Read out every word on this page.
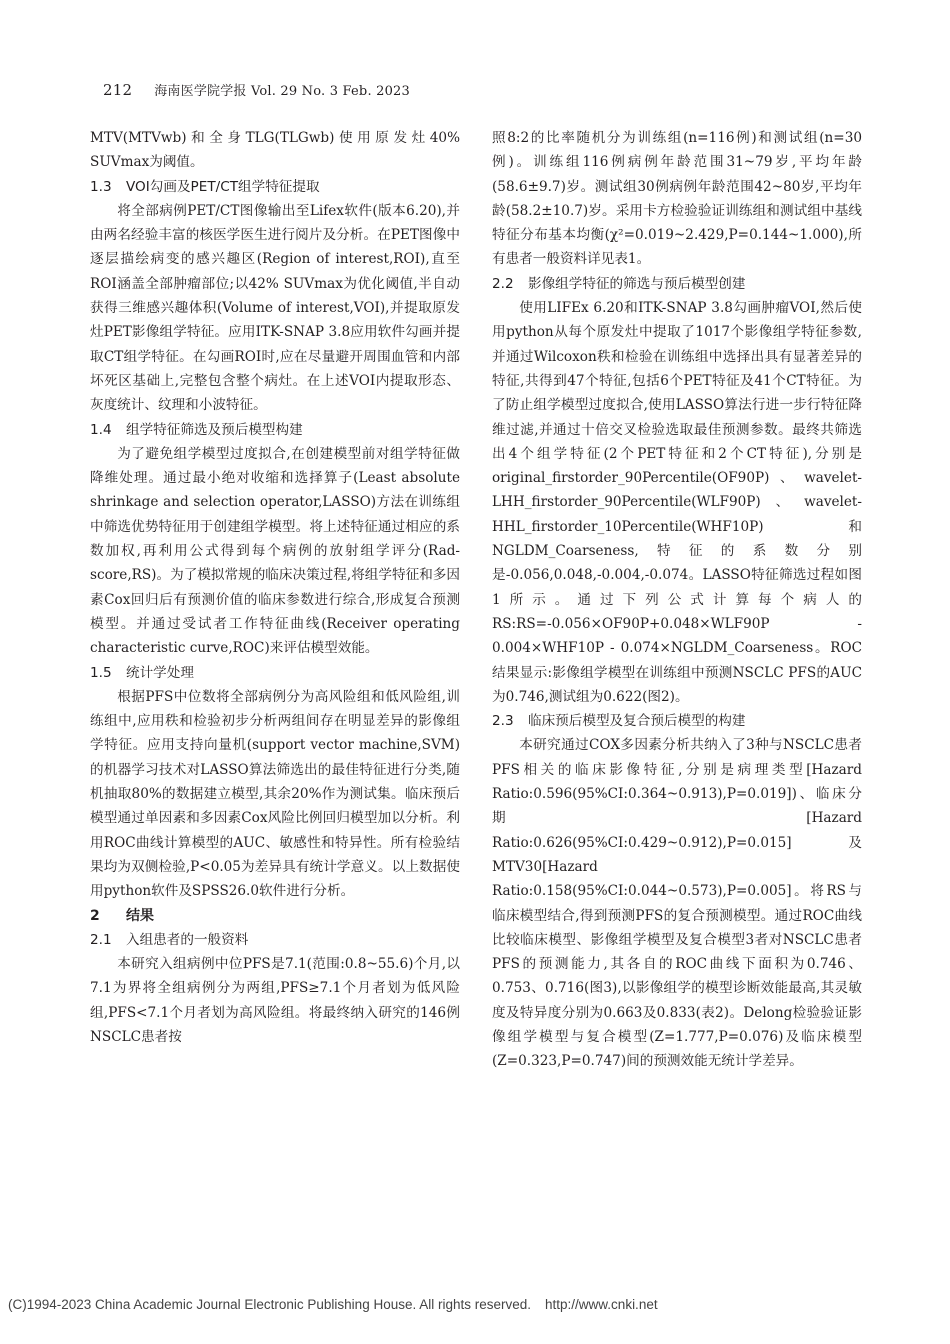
212 海南医学院学报 Vol. 29 No. 3 Feb. 2023

MTV(MTVwb)和全身TLG(TLGwb)使用原发灶40% SUVmax为阈值。

1.3 VOI勾画及PET/CT组学特征提取

将全部病例PET/CT图像输出至Lifex软件(版本6.20),并由两名经验丰富的核医学医生进行阅片及分析。在PET图像中逐层描绘病变的感兴趣区(Region of interest,ROI),直至ROI涵盖全部肿瘤部位;以42% SUVmax为优化阈值,半自动获得三维感兴趣体积(Volume of interest,VOI),并提取原发灶PET影像组学特征。应用ITK-SNAP 3.8应用软件勾画并提取CT组学特征。在勾画ROI时,应在尽量避开周围血管和内部坏死区基础上,完整包含整个病灶。在上述VOI内提取形态、灰度统计、纹理和小波特征。

1.4 组学特征筛选及预后模型构建

为了避免组学模型过度拟合,在创建模型前对组学特征做降维处理。通过最小绝对收缩和选择算子(Least absolute shrinkage and selection operator,LASSO)方法在训练组中筛选优势特征用于创建组学模型。将上述特征通过相应的系数加权,再利用公式得到每个病例的放射组学评分(Rad-score,RS)。为了模拟常规的临床决策过程,将组学特征和多因素Cox回归后有预测价值的临床参数进行综合,形成复合预测模型。并通过受试者工作特征曲线(Receiver operating characteristic curve,ROC)来评估模型效能。

1.5 统计学处理

根据PFS中位数将全部病例分为高风险组和低风险组,训练组中,应用秩和检验初步分析两组间存在明显差异的影像组学特征。应用支持向量机(support vector machine,SVM)的机器学习技术对LASSO算法筛选出的最佳特征进行分类,随机抽取80%的数据建立模型,其余20%作为测试集。临床预后模型通过单因素和多因素Cox风险比例回归模型加以分析。利用ROC曲线计算模型的AUC、敏感性和特异性。所有检验结果均为双侧检验,P<0.05为差异具有统计学意义。以上数据使用python软件及SPSS26.0软件进行分析。

2 结果
2.1 入组患者的一般资料

本研究入组病例中位PFS是7.1(范围:0.8~55.6)个月,以7.1为界将全组病例分为两组,PFS≥7.1个月者划为低风险组,PFS<7.1个月者划为高风险组。将最终纳入研究的146例NSCLC患者按

照8:2的比率随机分为训练组(n=116例)和测试组(n=30例)。训练组116例病例年龄范围31~79岁,平均年龄(58.6±9.7)岁。测试组30例病例年龄范围42~80岁,平均年龄(58.2±10.7)岁。采用卡方检验验证训练组和测试组中基线特征分布基本均衡(χ²=0.019~2.429,P=0.144~1.000),所有患者一般资料详见表1。

2.2 影像组学特征的筛选与预后模型创建

使用LIFEx 6.20和ITK-SNAP 3.8勾画肿瘤VOI,然后使用python从每个原发灶中提取了1017个影像组学特征参数,并通过Wilcoxon秩和检验在训练组中选择出具有显著差异的特征,共得到47个特征,包括6个PET特征及41个CT特征。为了防止组学模型过度拟合,使用LASSO算法行进一步行特征降维过滤,并通过十倍交叉检验选取最佳预测参数。最终共筛选出4个组学特征(2个PET特征和2个CT特征),分别是original_firstorder_90Percentile(OF90P)、wavelet-LHH_firstorder_90Percentile(WLF90P)、wavelet-HHL_firstorder_10Percentile(WHF10P)和NGLDM_Coarseness,特征的系数分别是-0.056,0.048,-0.004,-0.074。LASSO特征筛选过程如图1所示。通过下列公式计算每个病人的RS:RS=-0.056×OF90P+0.048×WLF90P - 0.004×WHF10P - 0.074×NGLDM_Coarseness。ROC结果显示:影像组学模型在训练组中预测NSCLC PFS的AUC为0.746,测试组为0.622(图2)。

2.3 临床预后模型及复合预后模型的构建

本研究通过COX多因素分析共纳入了3种与NSCLC患者PFS相关的临床影像特征,分别是病理类型[Hazard Ratio:0.596(95%CI:0.364~0.913),P=0.019])、临床分期[Hazard Ratio:0.626(95%CI:0.429~0.912),P=0.015]及MTV30[Hazard Ratio:0.158(95%CI:0.044~0.573),P=0.005]。将RS与临床模型结合,得到预测PFS的复合预测模型。通过ROC曲线比较临床模型、影像组学模型及复合模型3者对NSCLC患者PFS的预测能力,其各自的ROC曲线下面积为0.746、0.753、0.716(图3),以影像组学的模型诊断效能最高,其灵敏度及特异度分别为0.663及0.833(表2)。Delong检验验证影像组学模型与复合模型(Z=1.777,P=0.076)及临床模型(Z=0.323,P=0.747)间的预测效能无统计学差异。

(C)1994-2023 China Academic Journal Electronic Publishing House. All rights reserved. http://www.cnki.net
